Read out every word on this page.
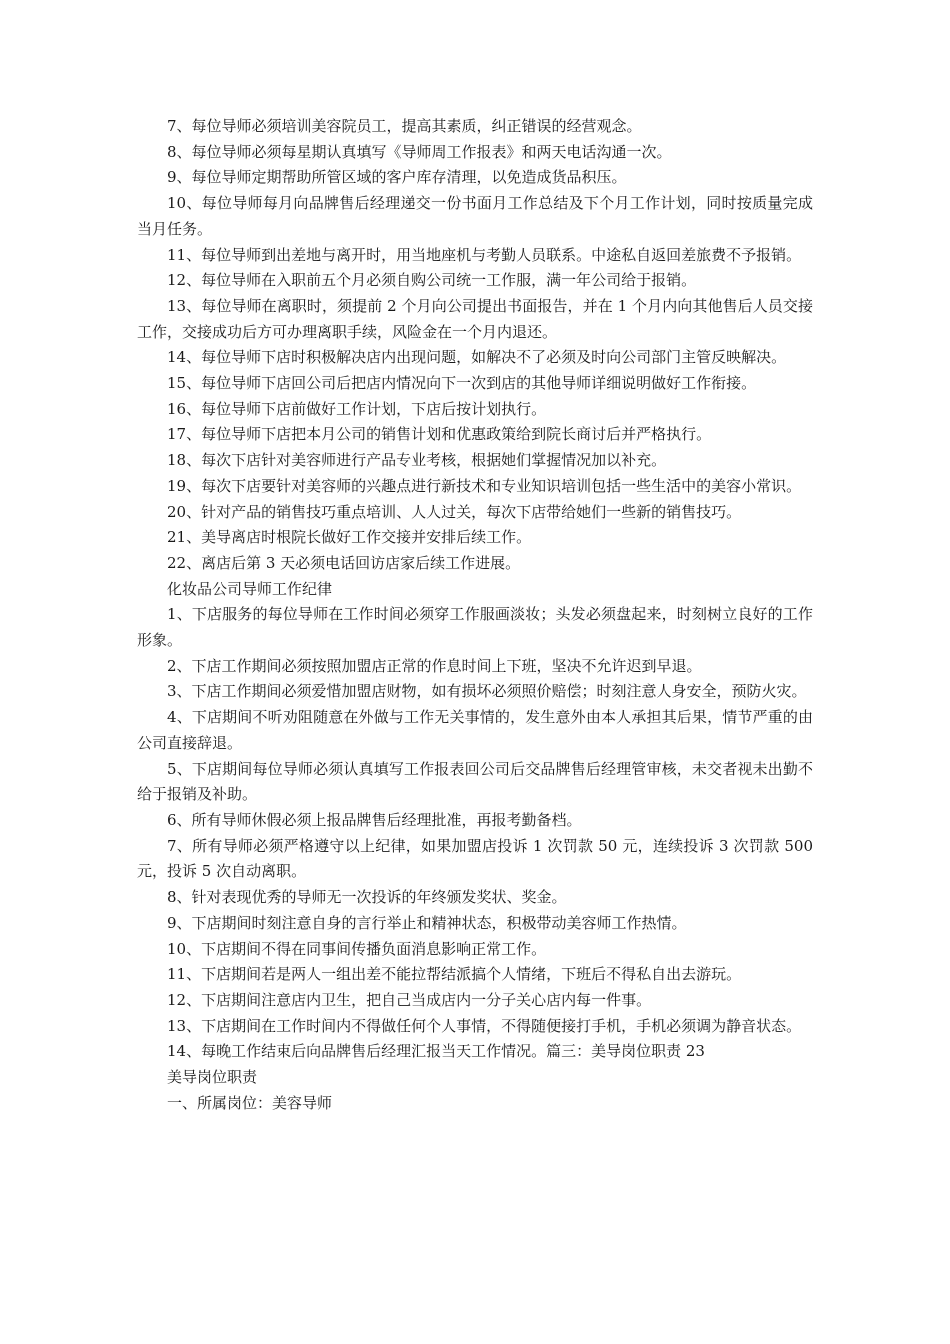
7、每位导师必须培训美容院员工，提高其素质，纠正错误的经营观念。

8、每位导师必须每星期认真填写《导师周工作报表》和两天电话沟通一次。

9、每位导师定期帮助所管区域的客户库存清理，以免造成货品积压。

10、每位导师每月向品牌售后经理递交一份书面月工作总结及下个月工作计划，同时按质量完成当月任务。

11、每位导师到出差地与离开时，用当地座机与考勤人员联系。中途私自返回差旅费不予报销。

12、每位导师在入职前五个月必须自购公司统一工作服，满一年公司给于报销。

13、每位导师在离职时，须提前 2 个月向公司提出书面报告，并在 1 个月内向其他售后人员交接工作，交接成功后方可办理离职手续，风险金在一个月内退还。

14、每位导师下店时积极解决店内出现问题，如解决不了必须及时向公司部门主管反映解决。

15、每位导师下店回公司后把店内情况向下一次到店的其他导师详细说明做好工作衔接。

16、每位导师下店前做好工作计划，下店后按计划执行。

17、每位导师下店把本月公司的销售计划和优惠政策给到院长商讨后并严格执行。

18、每次下店针对美容师进行产品专业考核，根据她们掌握情况加以补充。

19、每次下店要针对美容师的兴趣点进行新技术和专业知识培训包括一些生活中的美容小常识。

20、针对产品的销售技巧重点培训、人人过关，每次下店带给她们一些新的销售技巧。

21、美导离店时根院长做好工作交接并安排后续工作。

22、离店后第 3 天必须电话回访店家后续工作进展。

化妆品公司导师工作纪律

1、下店服务的每位导师在工作时间必须穿工作服画淡妆；头发必须盘起来，时刻树立良好的工作形象。

2、下店工作期间必须按照加盟店正常的作息时间上下班，坚决不允许迟到早退。

3、下店工作期间必须爱惜加盟店财物，如有损坏必须照价赔偿；时刻注意人身安全，预防火灾。

4、下店期间不听劝阻随意在外做与工作无关事情的，发生意外由本人承担其后果，情节严重的由公司直接辞退。

5、下店期间每位导师必须认真填写工作报表回公司后交品牌售后经理管审核，未交者视未出勤不给于报销及补助。

6、所有导师休假必须上报品牌售后经理批准，再报考勤备档。

7、所有导师必须严格遵守以上纪律，如果加盟店投诉 1 次罚款 50 元，连续投诉 3 次罚款 500 元，投诉 5 次自动离职。

8、针对表现优秀的导师无一次投诉的年终颁发奖状、奖金。

9、下店期间时刻注意自身的言行举止和精神状态，积极带动美容师工作热情。

10、下店期间不得在同事间传播负面消息影响正常工作。

11、下店期间若是两人一组出差不能拉帮结派搞个人情绪，下班后不得私自出去游玩。

12、下店期间注意店内卫生，把自己当成店内一分子关心店内每一件事。

13、下店期间在工作时间内不得做任何个人事情，不得随便接打手机，手机必须调为静音状态。

14、每晚工作结束后向品牌售后经理汇报当天工作情况。篇三：美导岗位职责 23

美导岗位职责

一、所属岗位：美容导师
